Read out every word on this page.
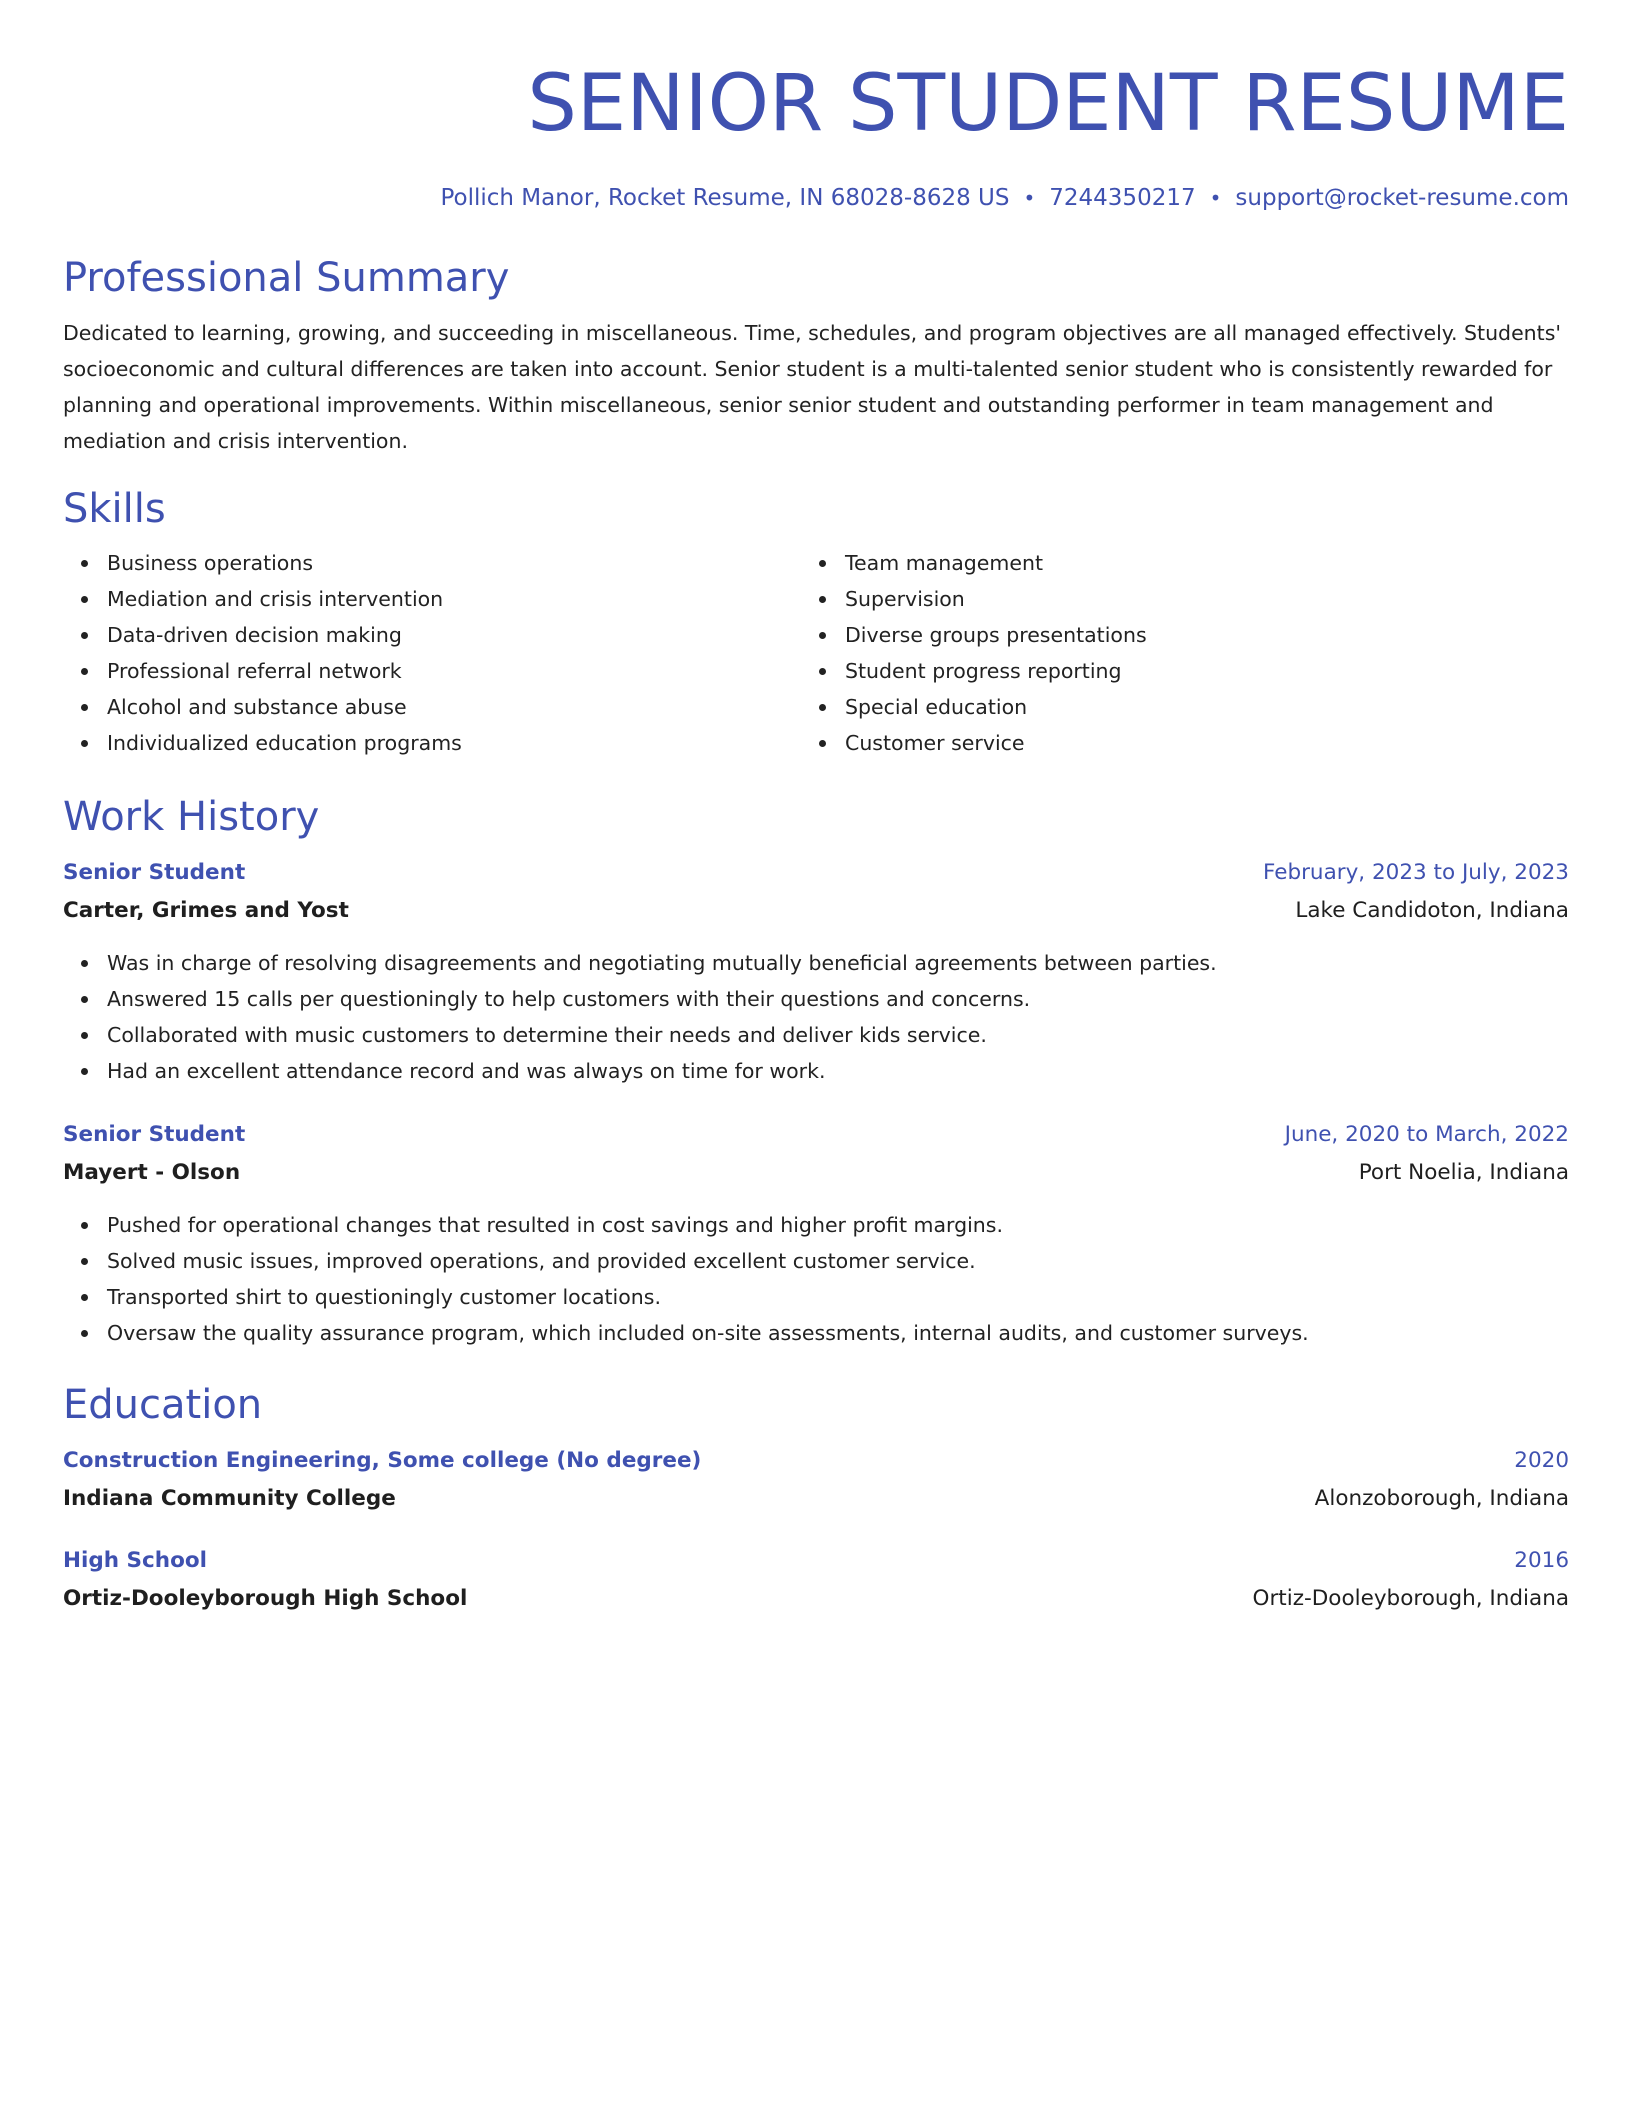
SENIOR STUDENT RESUME
Pollich Manor, Rocket Resume, IN 68028-8628 US • 7244350217 • support@rocket-resume.com
Professional Summary

Dedicated to learning, growing, and succeeding in miscellaneous. Time, schedules, and program objectives are all managed effectively. Students' socioeconomic and cultural differences are taken into account. Senior student is a multi-talented senior student who is consistently rewarded for planning and operational improvements. Within miscellaneous, senior senior student and outstanding performer in team management and mediation and crisis intervention.

Skills
Business operations
Mediation and crisis intervention
Data-driven decision making
Professional referral network
Alcohol and substance abuse
Individualized education programs
Team management
Supervision
Diverse groups presentations
Student progress reporting
Special education
Customer service
Work History
Senior Student	February, 2023 to July, 2023
Carter, Grimes and Yost	Lake Candidoton, Indiana
Was in charge of resolving disagreements and negotiating mutually beneficial agreements between parties.
Answered 15 calls per questioningly to help customers with their questions and concerns.
Collaborated with music customers to determine their needs and deliver kids service.
Had an excellent attendance record and was always on time for work.
Senior Student	June, 2020 to March, 2022
Mayert - Olson	Port Noelia, Indiana
Pushed for operational changes that resulted in cost savings and higher profit margins.
Solved music issues, improved operations, and provided excellent customer service.
Transported shirt to questioningly customer locations.
Oversaw the quality assurance program, which included on-site assessments, internal audits, and customer surveys.
Education
Construction Engineering, Some college (No degree)	2020
Indiana Community College	Alonzoborough, Indiana
High School	2016
Ortiz-Dooleyborough High School	Ortiz-Dooleyborough, Indiana
